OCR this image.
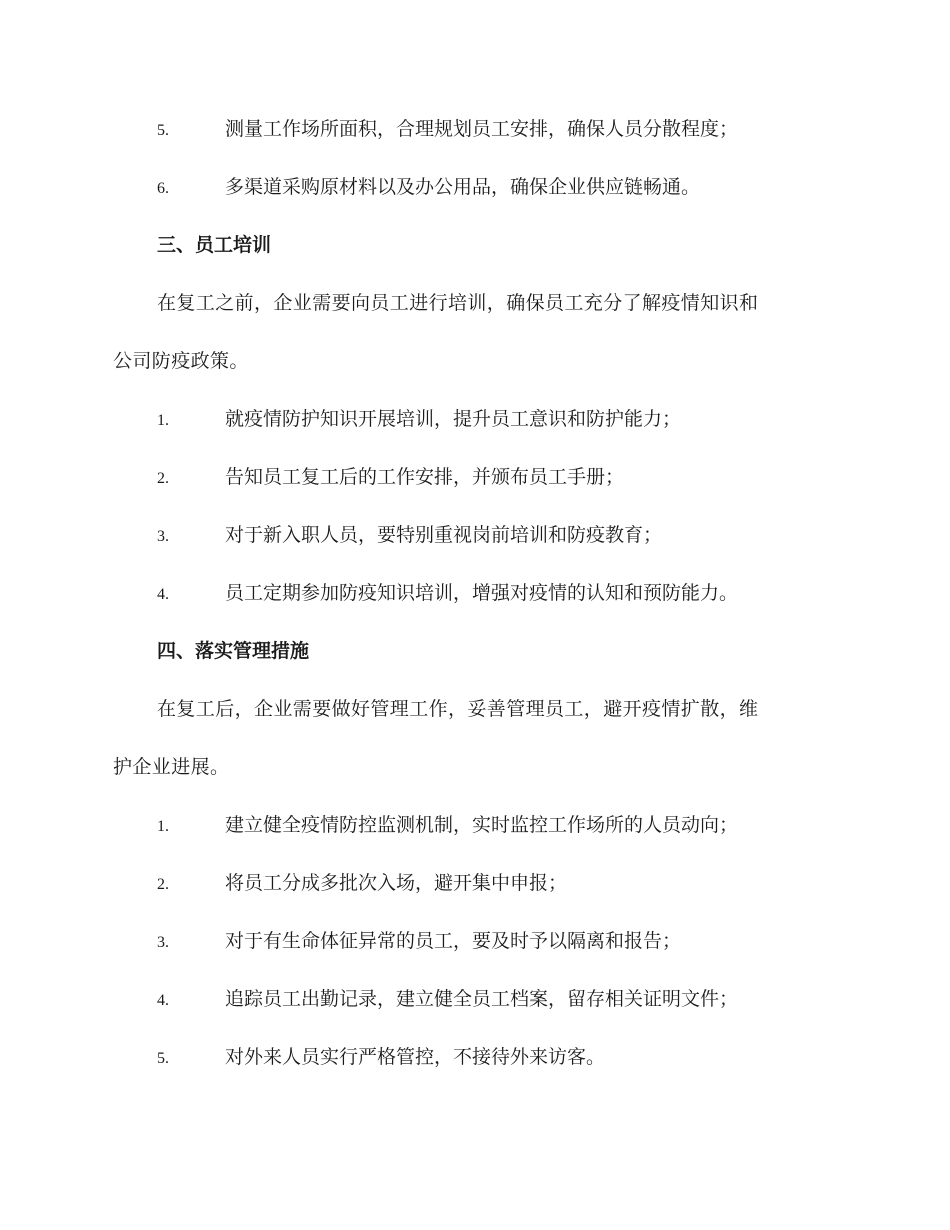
5.	测量工作场所面积，合理规划员工安排，确保人员分散程度；
6.	多渠道采购原材料以及办公用品，确保企业供应链畅通。
三、员工培训
在复工之前，企业需要向员工进行培训，确保员工充分了解疫情知识和
公司防疫政策。
1.	就疫情防护知识开展培训，提升员工意识和防护能力；
2.	告知员工复工后的工作安排，并颁布员工手册；
3.	对于新入职人员，要特别重视岗前培训和防疫教育；
4.	员工定期参加防疫知识培训，增强对疫情的认知和预防能力。
四、落实管理措施
在复工后，企业需要做好管理工作，妥善管理员工，避开疫情扩散，维
护企业进展。
1.	建立健全疫情防控监测机制，实时监控工作场所的人员动向；
2.	将员工分成多批次入场，避开集中申报；
3.	对于有生命体征异常的员工，要及时予以隔离和报告；
4.	追踪员工出勤记录，建立健全员工档案，留存相关证明文件；
5.	对外来人员实行严格管控，不接待外来访客。
